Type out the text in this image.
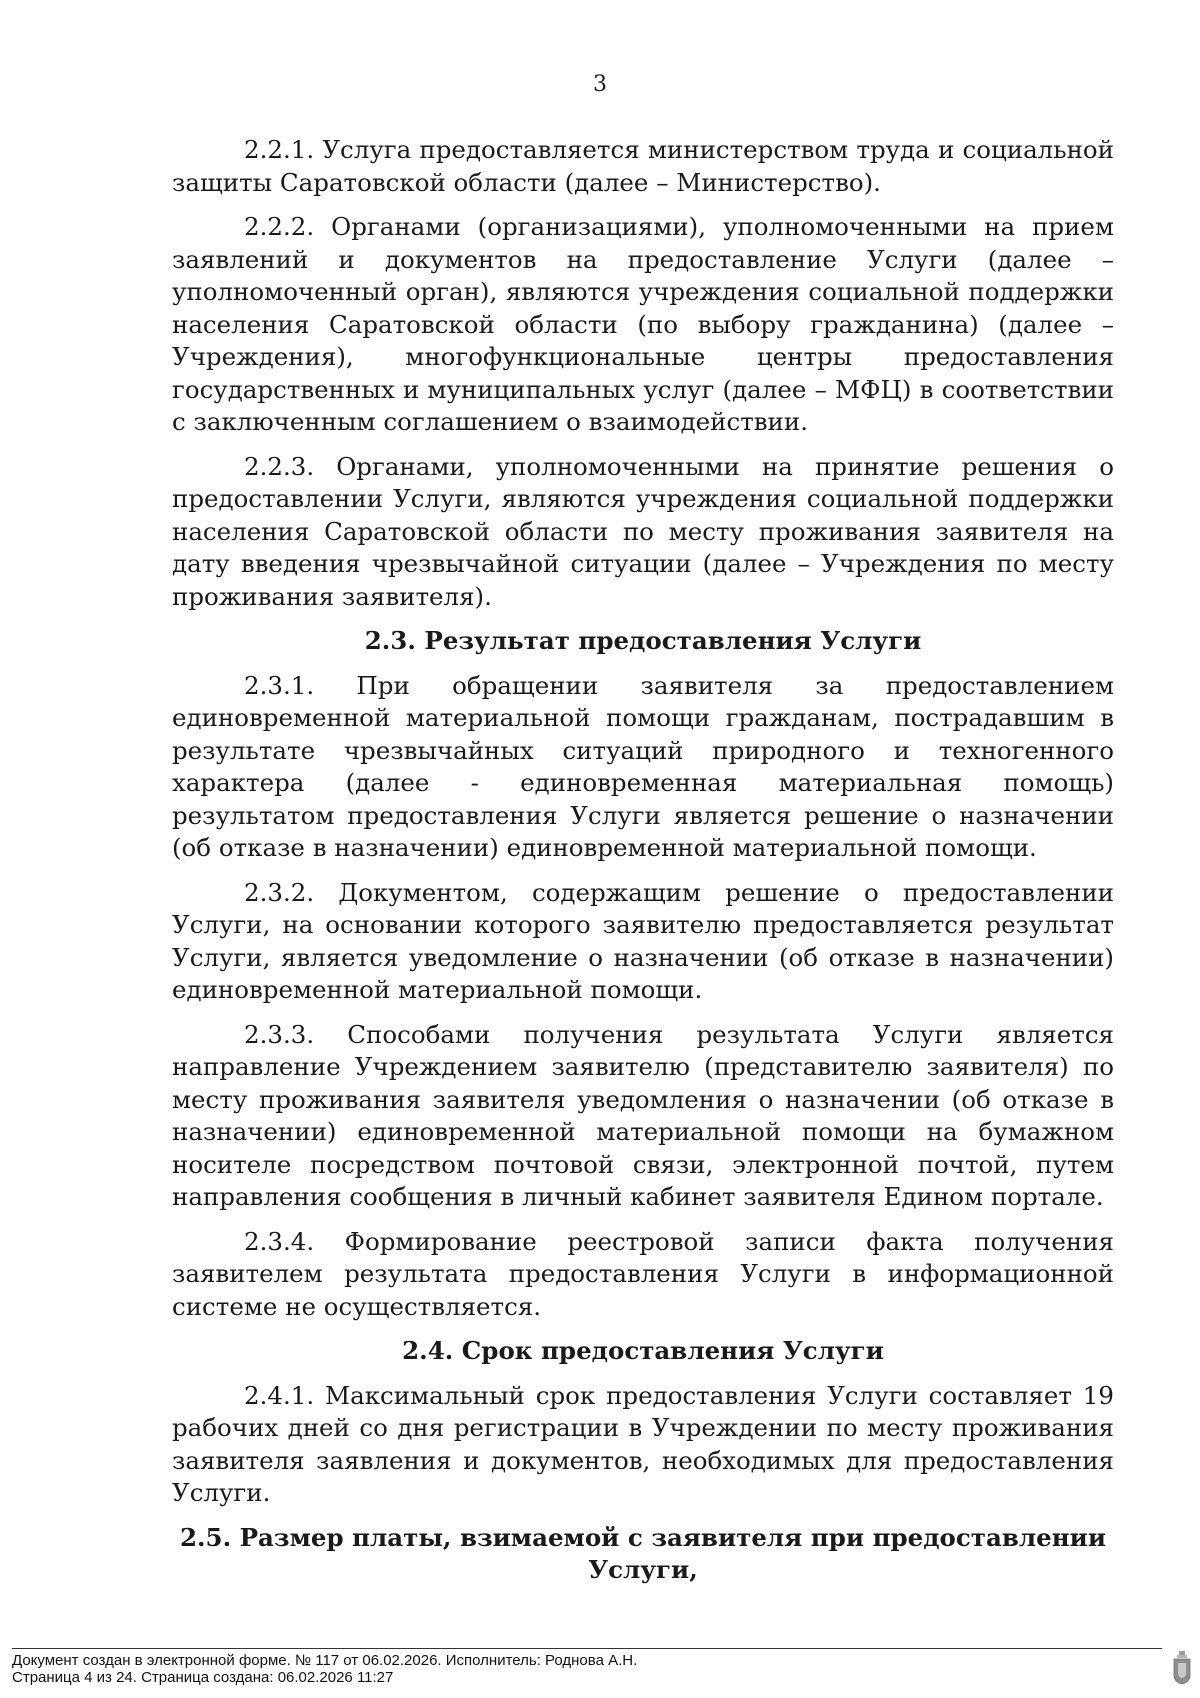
3

2.2.1. Услуга предоставляется министерством труда и социальной защиты Саратовской области (далее – Министерство).

2.2.2. Органами (организациями), уполномоченными на прием заявлений и документов на предоставление Услуги (далее – уполномоченный орган), являются учреждения социальной поддержки населения Саратовской области (по выбору гражданина) (далее – Учреждения), многофункциональные центры предоставления государственных и муниципальных услуг (далее – МФЦ) в соответствии с заключенным соглашением о взаимодействии.

2.2.3. Органами, уполномоченными на принятие решения о предоставлении Услуги, являются учреждения социальной поддержки населения Саратовской области по месту проживания заявителя на дату введения чрезвычайной ситуации (далее – Учреждения по месту проживания заявителя).

2.3. Результат предоставления Услуги

2.3.1. При обращении заявителя за предоставлением единовременной материальной помощи гражданам, пострадавшим в результате чрезвычайных ситуаций природного и техногенного характера (далее - единовременная материальная помощь) результатом предоставления Услуги является решение о назначении (об отказе в назначении) единовременной материальной помощи.

2.3.2. Документом, содержащим решение о предоставлении Услуги, на основании которого заявителю предоставляется результат Услуги, является уведомление о назначении (об отказе в назначении) единовременной материальной помощи.

2.3.3. Способами получения результата Услуги является направление Учреждением заявителю (представителю заявителя) по месту проживания заявителя уведомления о назначении (об отказе в назначении) единовременной материальной помощи на бумажном носителе посредством почтовой связи, электронной почтой, путем направления сообщения в личный кабинет заявителя Едином портале.

2.3.4. Формирование реестровой записи факта получения заявителем результата предоставления Услуги в информационной системе не осуществляется.

2.4. Срок предоставления Услуги

2.4.1. Максимальный срок предоставления Услуги составляет 19 рабочих дней со дня регистрации в Учреждении по месту проживания заявителя заявления и документов, необходимых для предоставления Услуги.

2.5. Размер платы, взимаемой с заявителя при предоставлении Услуги,

Документ создан в электронной форме. № 117 от 06.02.2026. Исполнитель: Роднова А.Н.
Страница 4 из 24. Страница создана: 06.02.2026 11:27
